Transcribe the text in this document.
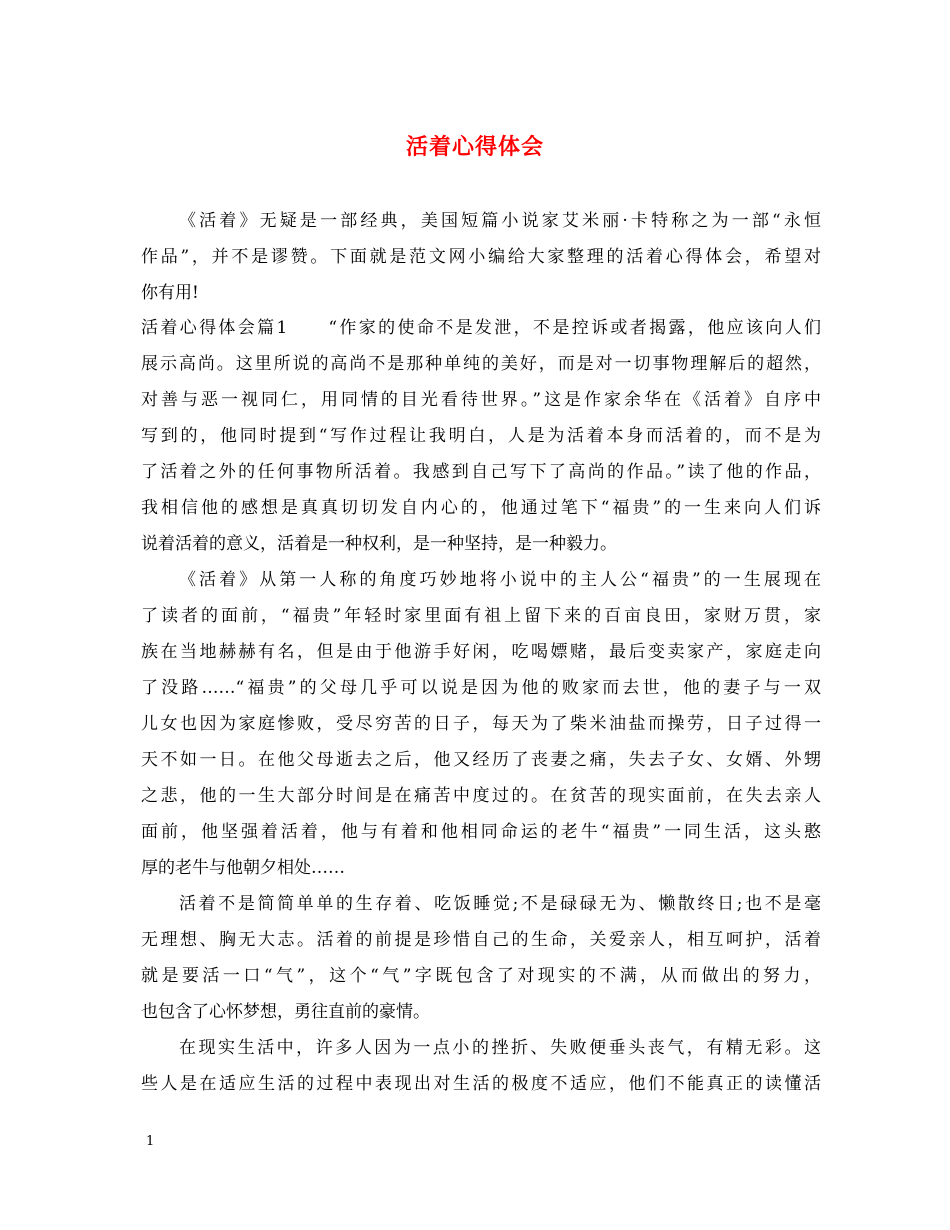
活着心得体会
《活着》无疑是一部经典，美国短篇小说家艾米丽·卡特称之为一部“永恒
作品”，并不是谬赞。下面就是范文网小编给大家整理的活着心得体会，希望对
你有用!
活着心得体会篇1　　“作家的使命不是发泄，不是控诉或者揭露，他应该向人们
展示高尚。这里所说的高尚不是那种单纯的美好，而是对一切事物理解后的超然，
对善与恶一视同仁，用同情的目光看待世界。”这是作家余华在《活着》自序中
写到的，他同时提到“写作过程让我明白，人是为活着本身而活着的，而不是为
了活着之外的任何事物所活着。我感到自己写下了高尚的作品。”读了他的作品，
我相信他的感想是真真切切发自内心的，他通过笔下“福贵”的一生来向人们诉
说着活着的意义，活着是一种权利，是一种坚持，是一种毅力。
《活着》从第一人称的角度巧妙地将小说中的主人公“福贵”的一生展现在
了读者的面前，“福贵”年轻时家里面有祖上留下来的百亩良田，家财万贯，家
族在当地赫赫有名，但是由于他游手好闲，吃喝嫖赌，最后变卖家产，家庭走向
了没路……“福贵”的父母几乎可以说是因为他的败家而去世，他的妻子与一双
儿女也因为家庭惨败，受尽穷苦的日子，每天为了柴米油盐而操劳，日子过得一
天不如一日。在他父母逝去之后，他又经历了丧妻之痛，失去子女、女婿、外甥
之悲，他的一生大部分时间是在痛苦中度过的。在贫苦的现实面前，在失去亲人
面前，他坚强着活着，他与有着和他相同命运的老牛“福贵”一同生活，这头憨
厚的老牛与他朝夕相处……
活着不是简简单单的生存着、吃饭睡觉;不是碌碌无为、懒散终日;也不是毫
无理想、胸无大志。活着的前提是珍惜自己的生命，关爱亲人，相互呵护，活着
就是要活一口“气”，这个“气”字既包含了对现实的不满，从而做出的努力，
也包含了心怀梦想，勇往直前的豪情。
在现实生活中，许多人因为一点小的挫折、失败便垂头丧气，有精无彩。这
些人是在适应生活的过程中表现出对生活的极度不适应，他们不能真正的读懂活
1
